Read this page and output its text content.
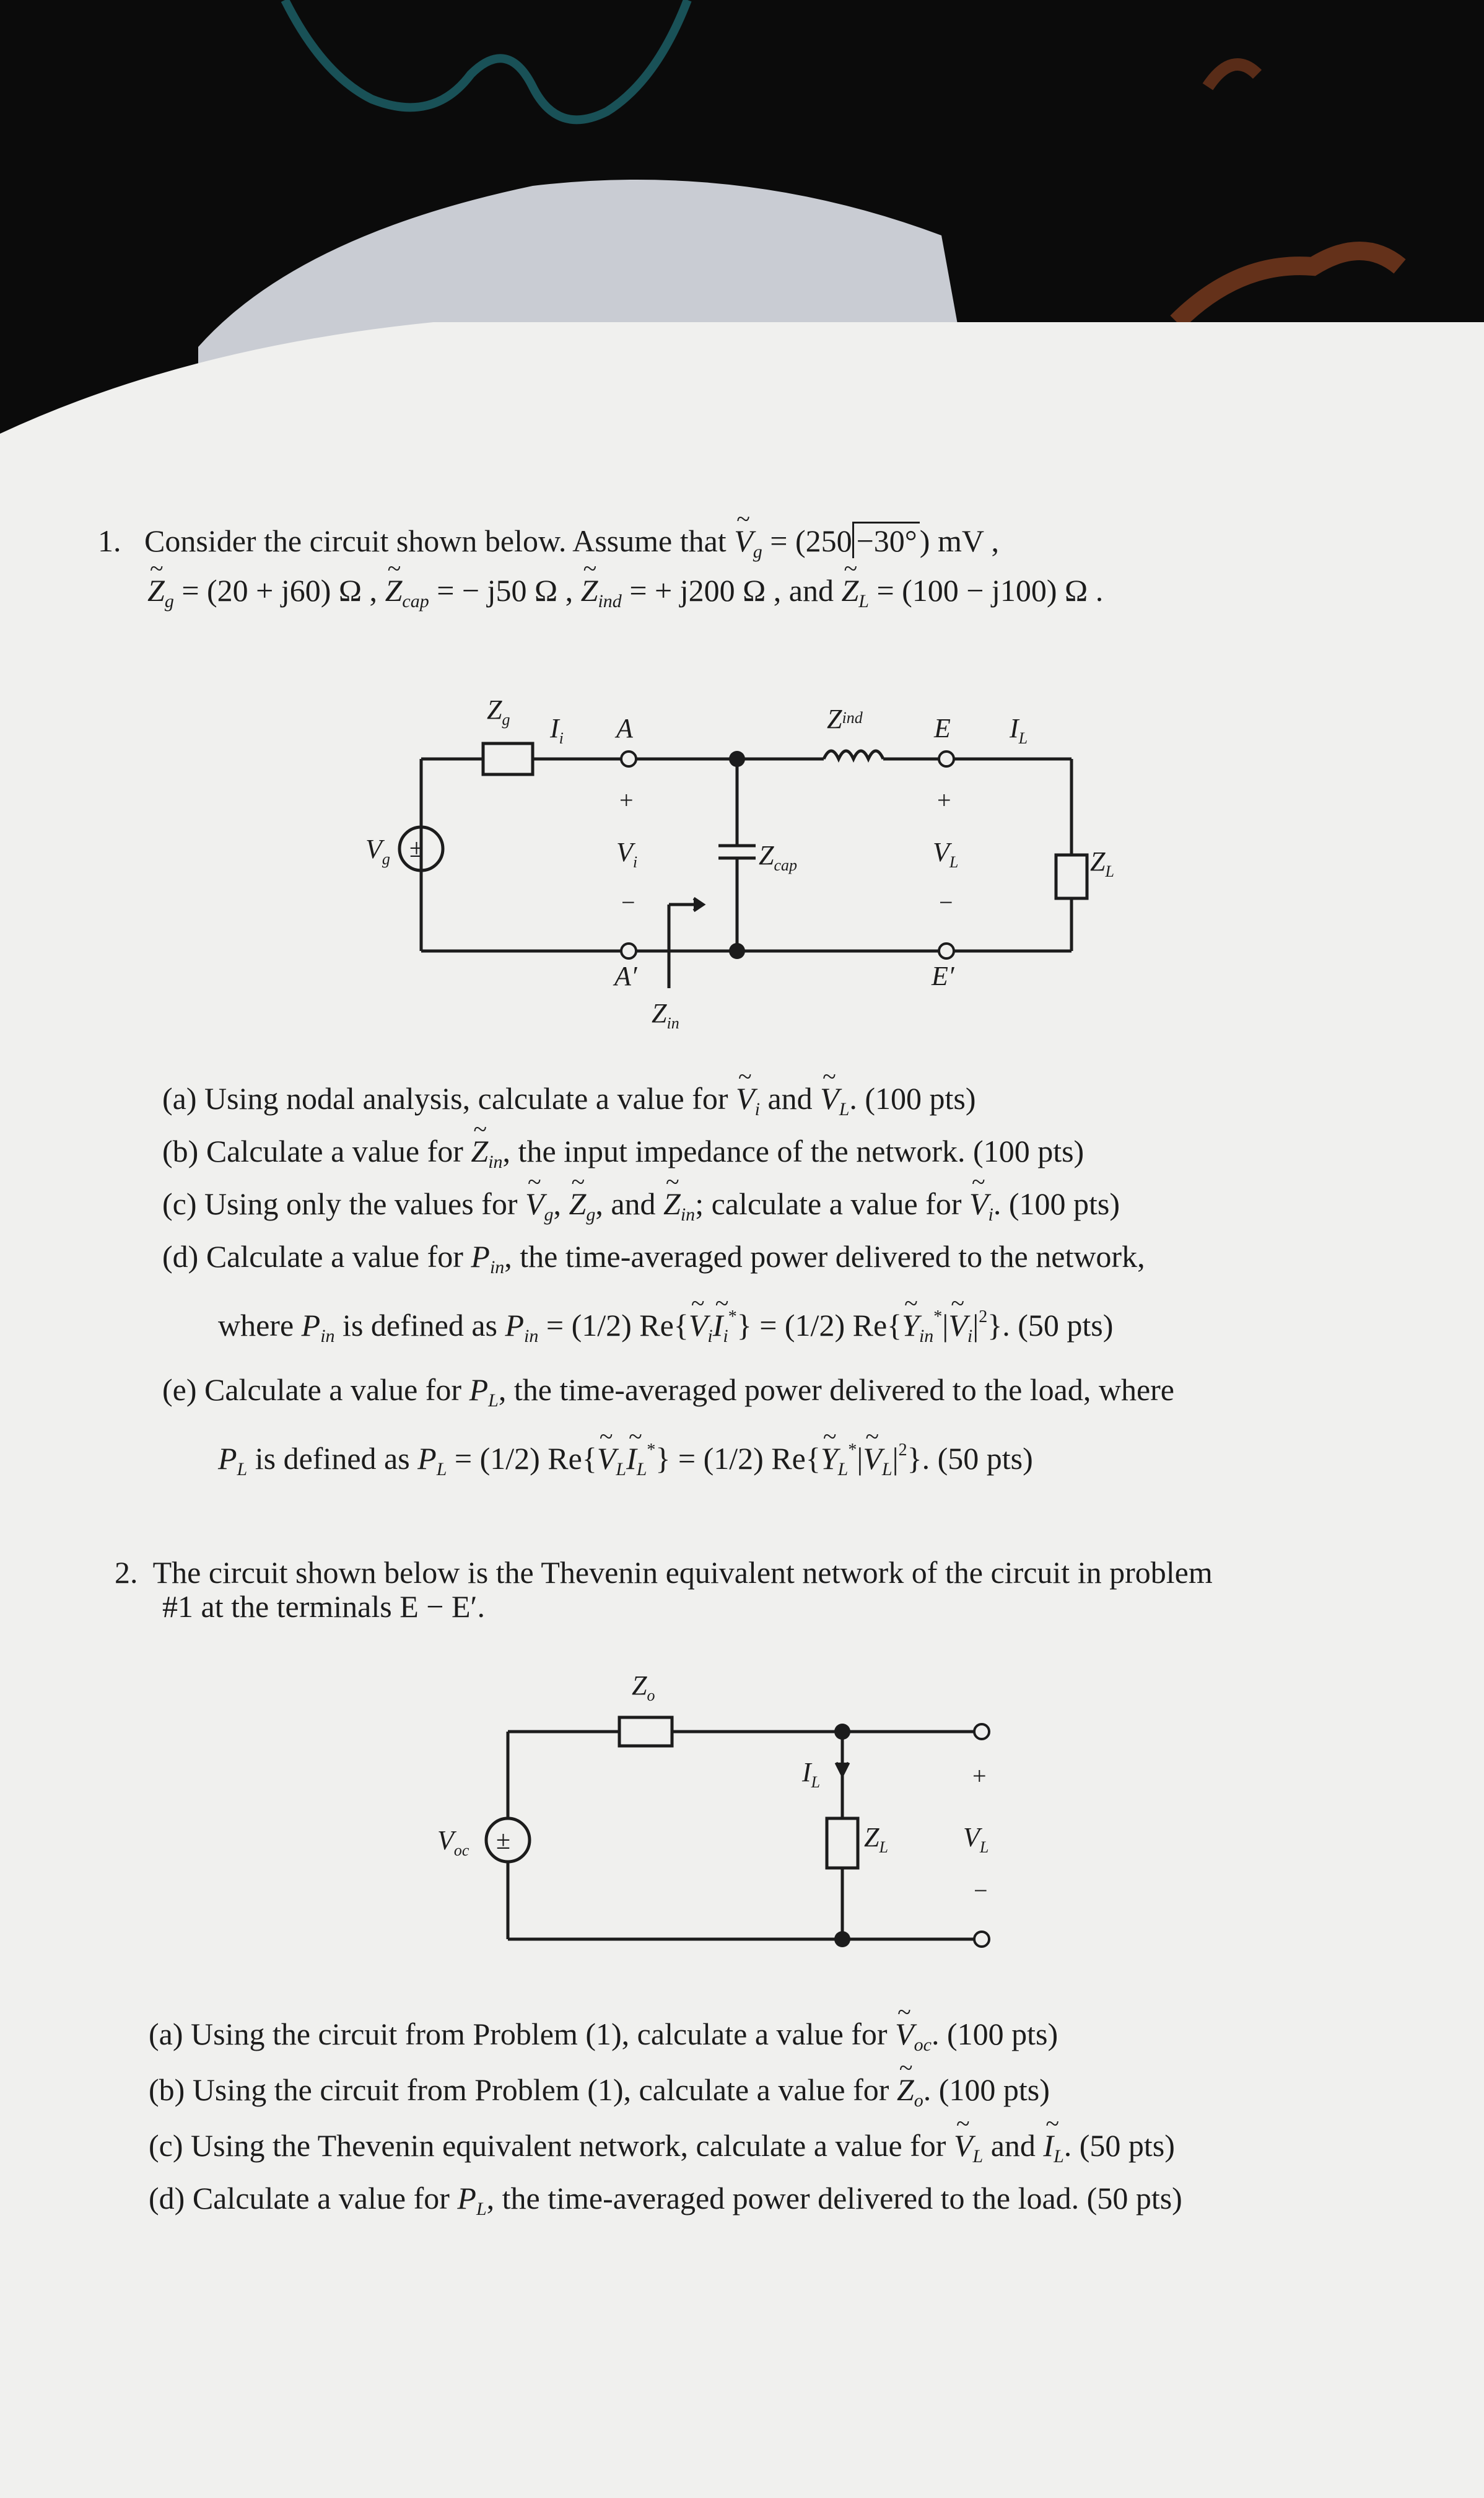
1. Consider the circuit shown below. Assume that ~ $V_g = (250 -30^\circ)$ mV ,
~ $Z_g = (20 + j60)$ Ω , ~ $Z_{cap}$ = − j50 Ω , ~ $Z_{ind}$ = + j200 Ω , and ~ $Z_L = (100 - j100)$ Ω .
$Z_g$ $I_i$ A
+
$V_i$
−
A′
$Z_{in}$
$Z_{cap}$
Zind	E $I_L$
+
$V_L$
−
E′
$Z_L$
$V_g$ ±
(a) Using nodal analysis, calculate a value for ~ $V_i$ and ~ $V_L$. (100 pts)
(b) Calculate a value for ~ $Z_{in}$, the input impedance of the network. (100 pts)
(c) Using only the values for ~ $V_g$, ~ $Z_g$, and ~ $Z_{in}$; calculate a value for ~ $V_i$. (100 pts)
(d) Calculate a value for $P_{in}$, the time-averaged power delivered to the network,
where $P_{in}$ is defined as $P_{in} = (1/2)$ Re{~ $V_i\sim$ $I_i^*\} = (1/2)$ Re{~ $Y_{in}^*|\sim$ $V_i|^2$}. (50 pts)
(e) Calculate a value for $P_L$, the time-averaged power delivered to the load, where
$P_L$ is defined as $P_L = (1/2)$ Re{~ $V_L\sim$ $I_L^*\} = (1/2)$ Re{~ $Y_L^*|\sim$ $V_L|^2$}. (50 pts)
2. The circuit shown below is the Thevenin equivalent network of the circuit in problem
#1 at the terminals E − E′.
$Z_o$
$I_L$
$Z_L$
+
$V_L$
−
$V_{oc}$ ±
(a) Using the circuit from Problem (1), calculate a value for ~ $V_{oc}$. (100 pts)
(b) Using the circuit from Problem (1), calculate a value for ~ $Z_o$. (100 pts)
(c) Using the Thevenin equivalent network, calculate a value for ~ $V_L$ and ~ $I_L$. (50 pts)
(d) Calculate a value for $P_L$, the time-averaged power delivered to the load. (50 pts)
